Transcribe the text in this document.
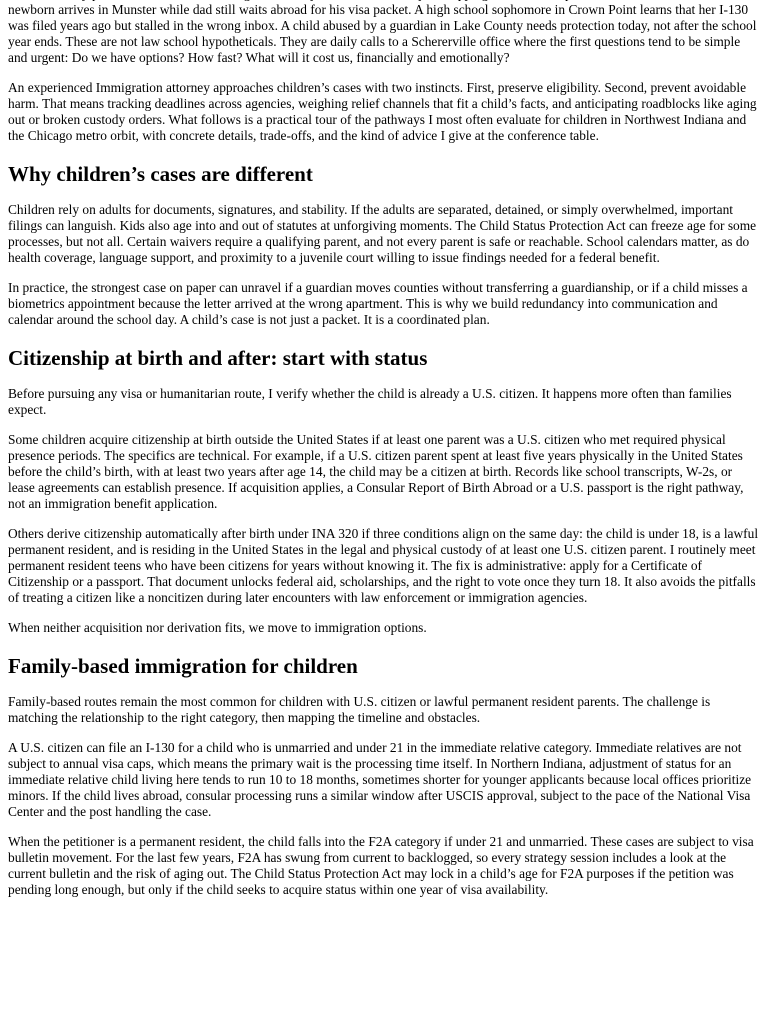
newborn arrives in Munster while dad still waits abroad for his visa packet. A high school sophomore in Crown Point learns that her I-130 was filed years ago but stalled in the wrong inbox. A child abused by a guardian in Lake County needs protection today, not after the school year ends. These are not law school hypotheticals. They are daily calls to a Schererville office where the first questions tend to be simple and urgent: Do we have options? How fast? What will it cost us, financially and emotionally?

An experienced Immigration attorney approaches children’s cases with two instincts. First, preserve eligibility. Second, prevent avoidable harm. That means tracking deadlines across agencies, weighing relief channels that fit a child’s facts, and anticipating roadblocks like aging out or broken custody orders. What follows is a practical tour of the pathways I most often evaluate for children in Northwest Indiana and the Chicago metro orbit, with concrete details, trade-offs, and the kind of advice I give at the conference table.

Why children’s cases are different

Children rely on adults for documents, signatures, and stability. If the adults are separated, detained, or simply overwhelmed, important filings can languish. Kids also age into and out of statutes at unforgiving moments. The Child Status Protection Act can freeze age for some processes, but not all. Certain waivers require a qualifying parent, and not every parent is safe or reachable. School calendars matter, as do health coverage, language support, and proximity to a juvenile court willing to issue findings needed for a federal benefit.

In practice, the strongest case on paper can unravel if a guardian moves counties without transferring a guardianship, or if a child misses a biometrics appointment because the letter arrived at the wrong apartment. This is why we build redundancy into communication and calendar around the school day. A child’s case is not just a packet. It is a coordinated plan.

Citizenship at birth and after: start with status

Before pursuing any visa or humanitarian route, I verify whether the child is already a U.S. citizen. It happens more often than families expect.

Some children acquire citizenship at birth outside the United States if at least one parent was a U.S. citizen who met required physical presence periods. The specifics are technical. For example, if a U.S. citizen parent spent at least five years physically in the United States before the child’s birth, with at least two years after age 14, the child may be a citizen at birth. Records like school transcripts, W-2s, or lease agreements can establish presence. If acquisition applies, a Consular Report of Birth Abroad or a U.S. passport is the right pathway, not an immigration benefit application.

Others derive citizenship automatically after birth under INA 320 if three conditions align on the same day: the child is under 18, is a lawful permanent resident, and is residing in the United States in the legal and physical custody of at least one U.S. citizen parent. I routinely meet permanent resident teens who have been citizens for years without knowing it. The fix is administrative: apply for a Certificate of Citizenship or a passport. That document unlocks federal aid, scholarships, and the right to vote once they turn 18. It also avoids the pitfalls of treating a citizen like a noncitizen during later encounters with law enforcement or immigration agencies.

When neither acquisition nor derivation fits, we move to immigration options.

Family-based immigration for children

Family-based routes remain the most common for children with U.S. citizen or lawful permanent resident parents. The challenge is matching the relationship to the right category, then mapping the timeline and obstacles.

A U.S. citizen can file an I-130 for a child who is unmarried and under 21 in the immediate relative category. Immediate relatives are not subject to annual visa caps, which means the primary wait is the processing time itself. In Northern Indiana, adjustment of status for an immediate relative child living here tends to run 10 to 18 months, sometimes shorter for younger applicants because local offices prioritize minors. If the child lives abroad, consular processing runs a similar window after USCIS approval, subject to the pace of the National Visa Center and the post handling the case.

When the petitioner is a permanent resident, the child falls into the F2A category if under 21 and unmarried. These cases are subject to visa bulletin movement. For the last few years, F2A has swung from current to backlogged, so every strategy session includes a look at the current bulletin and the risk of aging out. The Child Status Protection Act may lock in a child’s age for F2A purposes if the petition was pending long enough, but only if the child seeks to acquire status within one year of visa availability.
